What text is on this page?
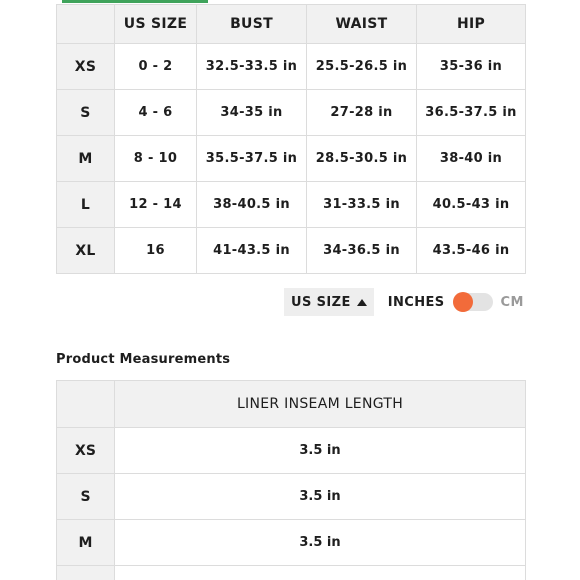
	US SIZE	BUST	WAIST	HIP
XS	0 - 2	32.5-33.5 in	25.5-26.5 in	35-36 in
S	4 - 6	34-35 in	27-28 in	36.5-37.5 in
M	8 - 10	35.5-37.5 in	28.5-30.5 in	38-40 in
L	12 - 14	38-40.5 in	31-33.5 in	40.5-43 in
XL	16	41-43.5 in	34-36.5 in	43.5-46 in
US SIZE	INCHES	CM
Product Measurements
	LINER INSEAM LENGTH
XS	3.5 in
S	3.5 in
M	3.5 in
